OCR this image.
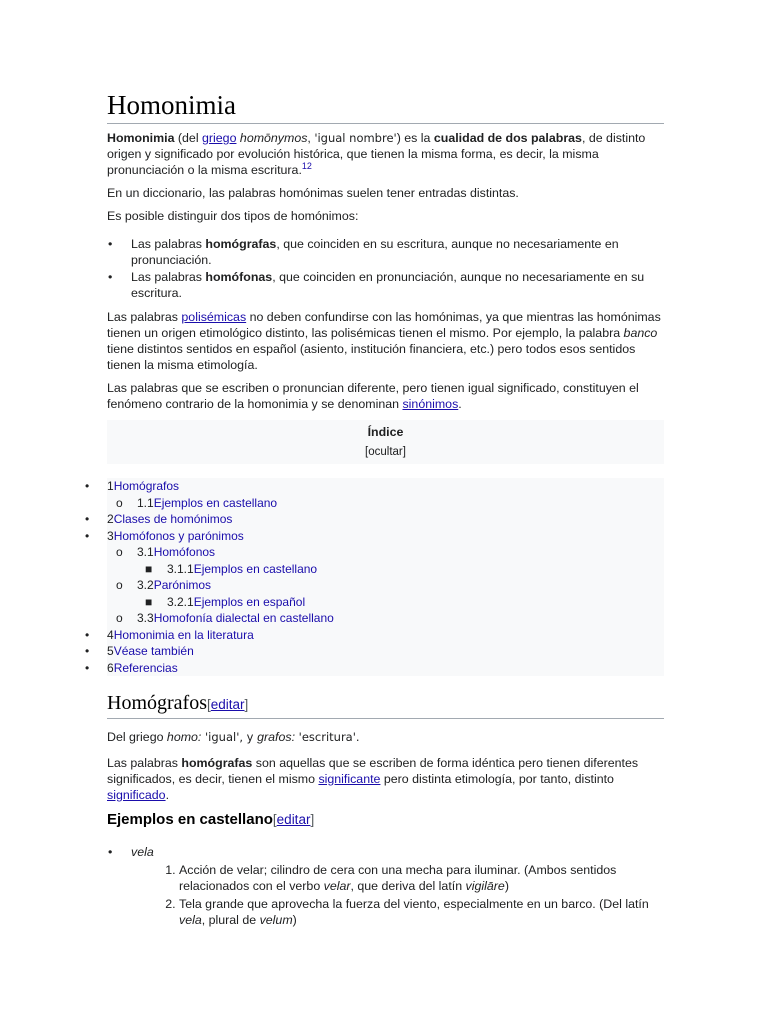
Homonimia

Homonimia (del griego homōnymos, 'igual nombre') es la cualidad de dos palabras, de distinto origen y significado por evolución histórica, que tienen la misma forma, es decir, la misma pronunciación o la misma escritura.$^{12}$

En un diccionario, las palabras homónimas suelen tener entradas distintas.

Es posible distinguir dos tipos de homónimos:

• Las palabras homógrafas, que coinciden en su escritura, aunque no necesariamente en pronunciación.
• Las palabras homófonas, que coinciden en pronunciación, aunque no necesariamente en su escritura.

Las palabras polisémicas no deben confundirse con las homónimas, ya que mientras las homónimas tienen un origen etimológico distinto, las polisémicas tienen el mismo. Por ejemplo, la palabra banco tiene distintos sentidos en español (asiento, institución financiera, etc.) pero todos esos sentidos tienen la misma etimología.

Las palabras que se escriben o pronuncian diferente, pero tienen igual significado, constituyen el fenómeno contrario de la homonimia y se denominan sinónimos.

Índice
[ocultar]
• 1Homógrafos
o 1.1Ejemplos en castellano
• 2Clases de homónimos
• 3Homófonos y parónimos
o 3.1Homófonos
■ 3.1.1Ejemplos en castellano
o 3.2Parónimos
■ 3.2.1Ejemplos en español
o 3.3Homofonía dialectal en castellano
• 4Homonimia en la literatura
• 5Véase también
• 6Referencias
Homógrafos[editar]

Del griego homo: 'igual', y grafos: 'escritura'.

Las palabras homógrafas son aquellas que se escriben de forma idéntica pero tienen diferentes significados, es decir, tienen el mismo significante pero distinta etimología, por tanto, distinto significado.

Ejemplos en castellano[editar]
• vela
1. Acción de velar; cilindro de cera con una mecha para iluminar. (Ambos sentidos relacionados con el verbo velar, que deriva del latín vigilāre)
2. Tela grande que aprovecha la fuerza del viento, especialmente en un barco. (Del latín vela, plural de velum)
